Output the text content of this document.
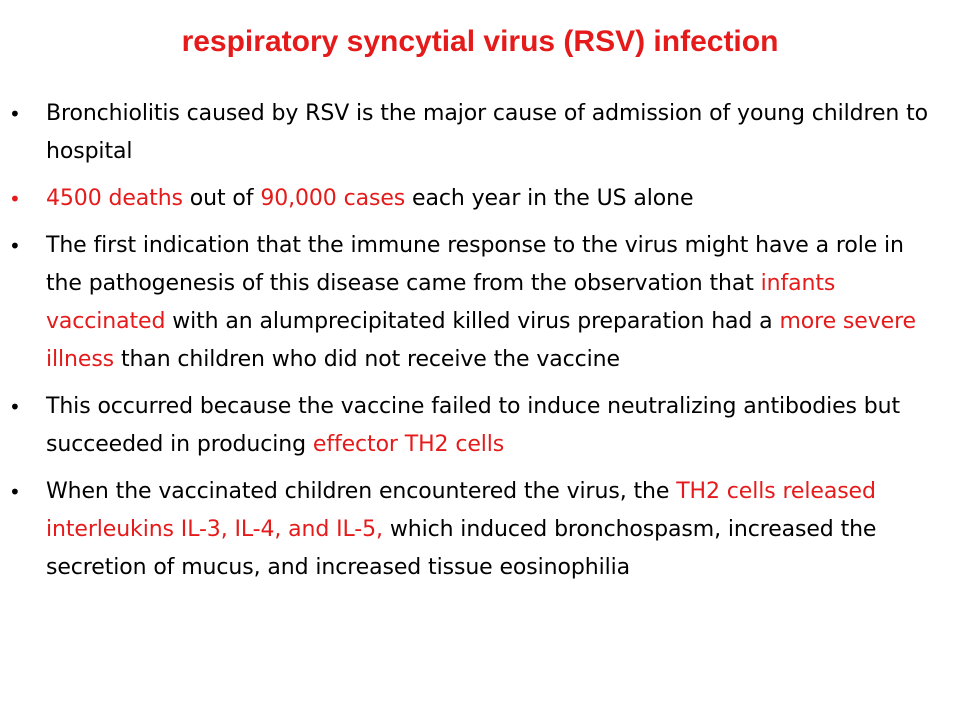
respiratory syncytial virus (RSV) infection
•	Bronchiolitis caused by RSV is the major cause of admission of young children to hospital
•	4500 deaths out of 90,000 cases each year in the US alone
•	The first indication that the immune response to the virus might have a role in the pathogenesis of this disease came from the observation that infants vaccinated with an alumprecipitated killed virus preparation had a more severe illness than children who did not receive the vaccine
•	This occurred because the vaccine failed to induce neutralizing antibodies but succeeded in producing effector TH2 cells
•	When the vaccinated children encountered the virus, the TH2 cells released interleukins IL-3, IL-4, and IL-5, which induced bronchospasm, increased the secretion of mucus, and increased tissue eosinophilia
